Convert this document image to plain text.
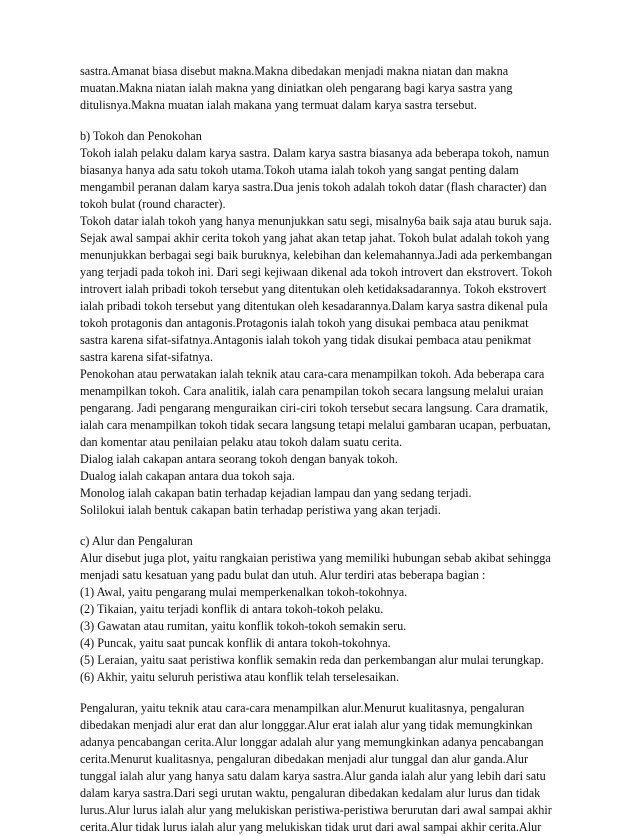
sastra.Amanat biasa disebut makna.Makna dibedakan menjadi makna niatan dan makna
muatan.Makna niatan ialah makna yang diniatkan oleh pengarang bagi karya sastra yang
ditulisnya.Makna muatan ialah makana yang termuat dalam karya sastra tersebut.
b) Tokoh dan Penokohan
Tokoh ialah pelaku dalam karya sastra. Dalam karya sastra biasanya ada beberapa tokoh, namun
biasanya hanya ada satu tokoh utama.Tokoh utama ialah tokoh yang sangat penting dalam
mengambil peranan dalam karya sastra.Dua jenis tokoh adalah tokoh datar (flash character) dan
tokoh bulat (round character).
Tokoh datar ialah tokoh yang hanya menunjukkan satu segi, misalny6a baik saja atau buruk saja.
Sejak awal sampai akhir cerita tokoh yang jahat akan tetap jahat. Tokoh bulat adalah tokoh yang
menunjukkan berbagai segi baik buruknya, kelebihan dan kelemahannya.Jadi ada perkembangan
yang terjadi pada tokoh ini. Dari segi kejiwaan dikenal ada tokoh introvert dan ekstrovert. Tokoh
introvert ialah pribadi tokoh tersebut yang ditentukan oleh ketidaksadarannya. Tokoh ekstrovert
ialah pribadi tokoh tersebut yang ditentukan oleh kesadarannya.Dalam karya sastra dikenal pula
tokoh protagonis dan antagonis.Protagonis ialah tokoh yang disukai pembaca atau penikmat
sastra karena sifat-sifatnya.Antagonis ialah tokoh yang tidak disukai pembaca atau penikmat
sastra karena sifat-sifatnya.
Penokohan atau perwatakan ialah teknik atau cara-cara menampilkan tokoh. Ada beberapa cara
menampilkan tokoh. Cara analitik, ialah cara penampilan tokoh secara langsung melalui uraian
pengarang. Jadi pengarang menguraikan ciri-ciri tokoh tersebut secara langsung. Cara dramatik,
ialah cara menampilkan tokoh tidak secara langsung tetapi melalui gambaran ucapan, perbuatan,
dan komentar atau penilaian pelaku atau tokoh dalam suatu cerita.
Dialog ialah cakapan antara seorang tokoh dengan banyak tokoh.
Dualog ialah cakapan antara dua tokoh saja.
Monolog ialah cakapan batin terhadap kejadian lampau dan yang sedang terjadi.
Solilokui ialah bentuk cakapan batin terhadap peristiwa yang akan terjadi.
c) Alur dan Pengaluran
Alur disebut juga plot, yaitu rangkaian peristiwa yang memiliki hubungan sebab akibat sehingga
menjadi satu kesatuan yang padu bulat dan utuh. Alur terdiri atas beberapa bagian :
(1) Awal, yaitu pengarang mulai memperkenalkan tokoh-tokohnya.
(2) Tikaian, yaitu terjadi konflik di antara tokoh-tokoh pelaku.
(3) Gawatan atau rumitan, yaitu konflik tokoh-tokoh semakin seru.
(4) Puncak, yaitu saat puncak konflik di antara tokoh-tokohnya.
(5) Leraian, yaitu saat peristiwa konflik semakin reda dan perkembangan alur mulai terungkap.
(6) Akhir, yaitu seluruh peristiwa atau konflik telah terselesaikan.
Pengaluran, yaitu teknik atau cara-cara menampilkan alur.Menurut kualitasnya, pengaluran
dibedakan menjadi alur erat dan alur longggar.Alur erat ialah alur yang tidak memungkinkan
adanya pencabangan cerita.Alur longgar adalah alur yang memungkinkan adanya pencabangan
cerita.Menurut kualitasnya, pengaluran dibedakan menjadi alur tunggal dan alur ganda.Alur
tunggal ialah alur yang hanya satu dalam karya sastra.Alur ganda ialah alur yang lebih dari satu
dalam karya sastra.Dari segi urutan waktu, pengaluran dibedakan kedalam alur lurus dan tidak
lurus.Alur lurus ialah alur yang melukiskan peristiwa-peristiwa berurutan dari awal sampai akhir
cerita.Alur tidak lurus ialah alur yang melukiskan tidak urut dari awal sampai akhir cerita.Alur
